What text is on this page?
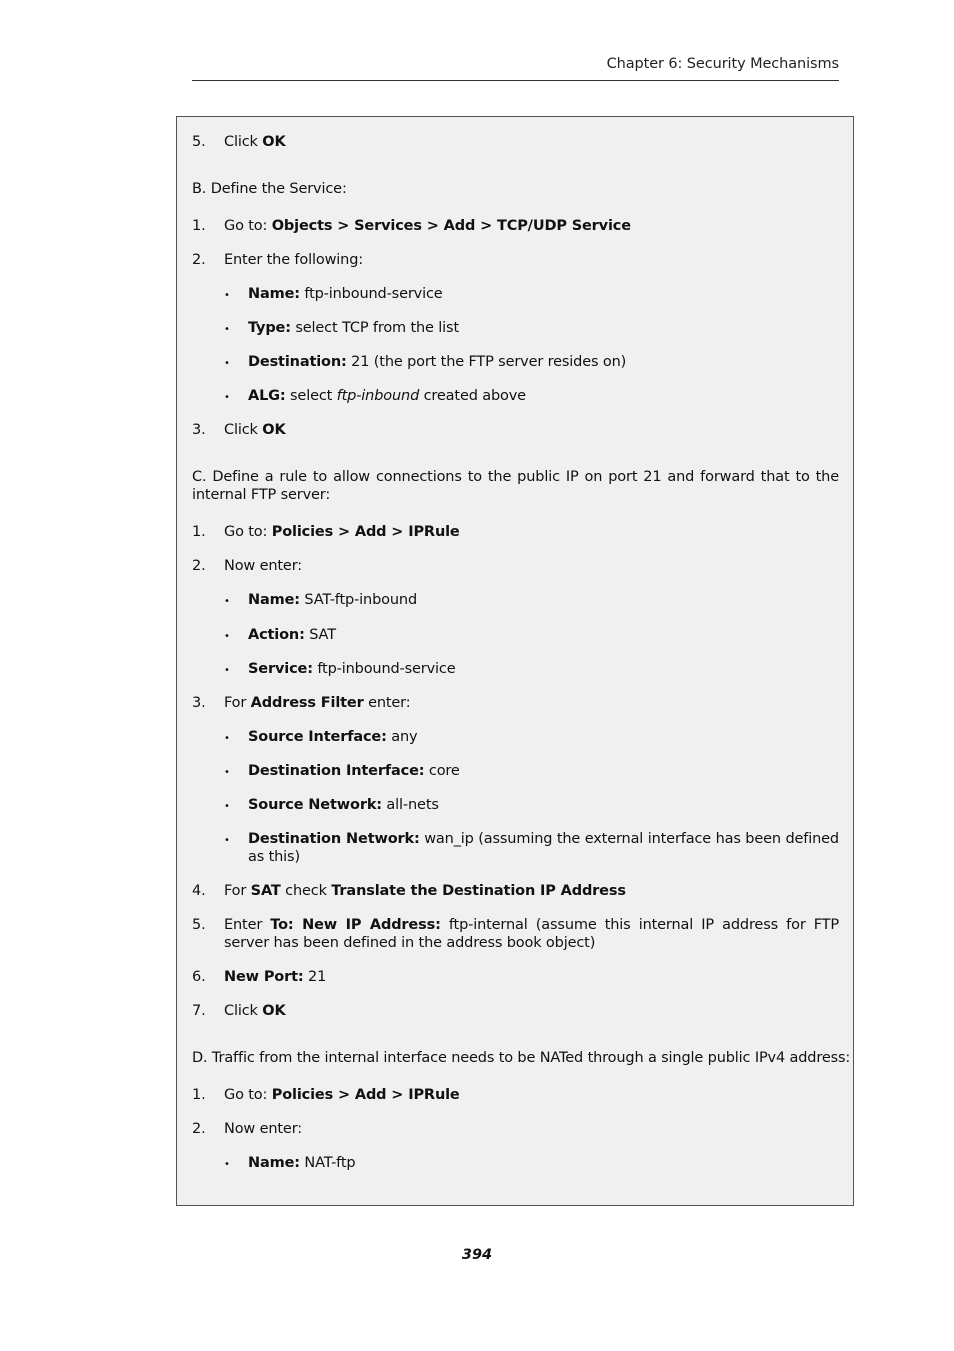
Chapter 6: Security Mechanisms
5. Click OK
B. Define the Service:
1. Go to: Objects > Services > Add > TCP/UDP Service
2. Enter the following:
• Name: ftp-inbound-service
• Type: select TCP from the list
• Destination: 21 (the port the FTP server resides on)
• ALG: select ftp-inbound created above
3. Click OK
C. Define a rule to allow connections to the public IP on port 21 and forward that to the internal FTP server:
1. Go to: Policies > Add > IPRule
2. Now enter:
• Name: SAT-ftp-inbound
• Action: SAT
• Service: ftp-inbound-service
3. For Address Filter enter:
• Source Interface: any
• Destination Interface: core
• Source Network: all-nets
• Destination Network: wan_ip (assuming the external interface has been defined as this)
4. For SAT check Translate the Destination IP Address
5. Enter To: New IP Address: ftp-internal (assume this internal IP address for FTP server has been defined in the address book object)
6. New Port: 21
7. Click OK
D. Traffic from the internal interface needs to be NATed through a single public IPv4 address:
1. Go to: Policies > Add > IPRule
2. Now enter:
• Name: NAT-ftp
394
